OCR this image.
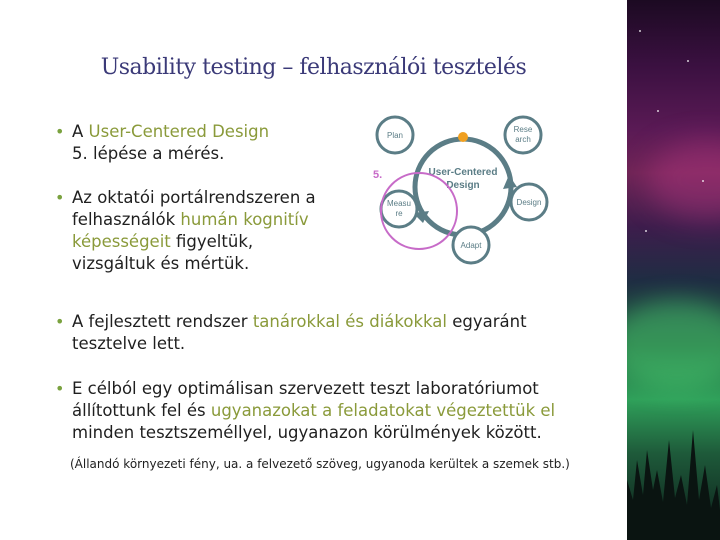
Usability testing – felhasználói tesztelés
• A User-Centered Design
5. lépése a mérés.
• Az oktatói portálrendszeren a
felhasználók humán kognitív
képességeit figyeltük,
vizsgáltuk és mértük.
• A fejlesztett rendszer tanárokkal és diákokkal egyaránt
tesztelve lett.
• E célból egy optimálisan szervezett teszt laboratóriumot
állítottunk fel és ugyanazokat a feladatokat végeztettük el
minden tesztszeméllyel, ugyanazon körülmények között.
(Állandó környezeti fény, ua. a felvezető szöveg, ugyanoda kerültek a szemek stb.)
User-Centered
Design
Plan
Rese
arch
Design
Adapt
Measu
re
5.
